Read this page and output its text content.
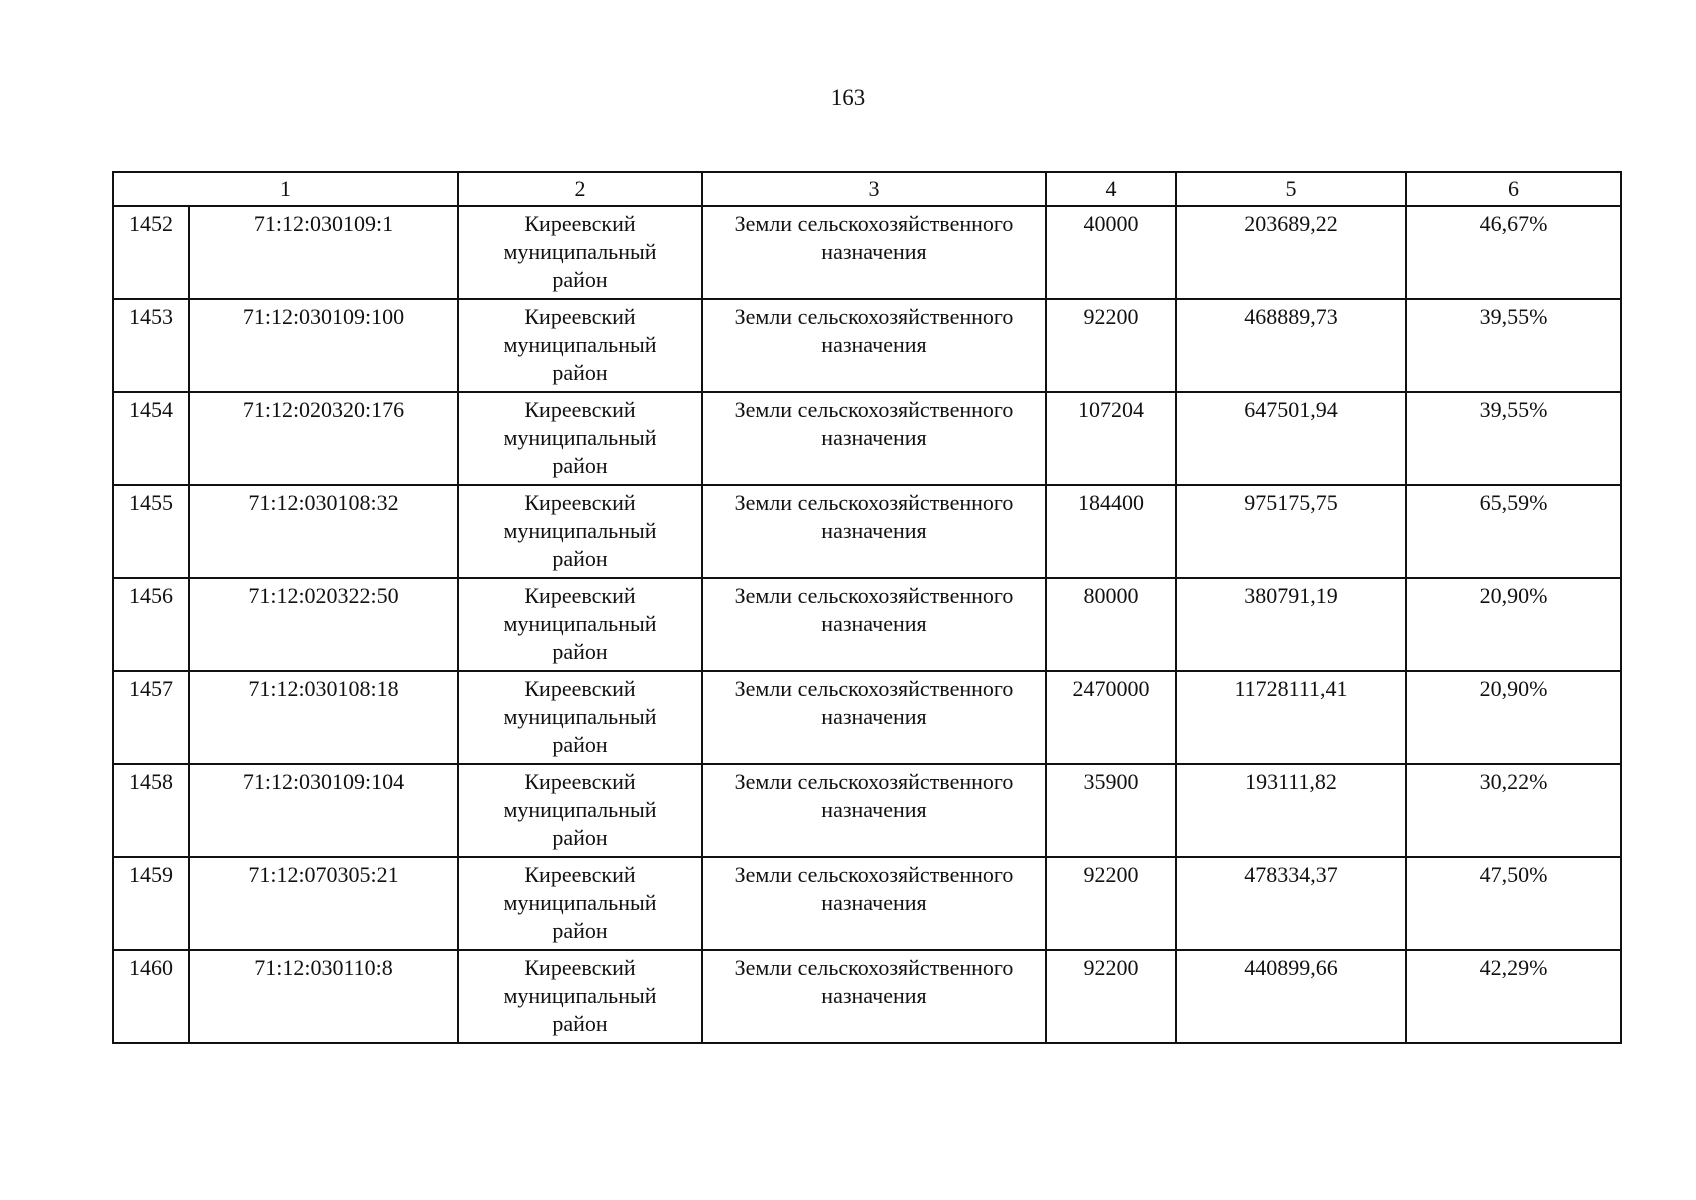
163
1		2	3	4	5	6
1452	71:12:030109:1	Киреевский
муниципальный
район	Земли сельскохозяйственного
назначения	40000	203689,22	46,67%
1453	71:12:030109:100	Киреевский
муниципальный
район	Земли сельскохозяйственного
назначения	92200	468889,73	39,55%
1454	71:12:020320:176	Киреевский
муниципальный
район	Земли сельскохозяйственного
назначения	107204	647501,94	39,55%
1455	71:12:030108:32	Киреевский
муниципальный
район	Земли сельскохозяйственного
назначения	184400	975175,75	65,59%
1456	71:12:020322:50	Киреевский
муниципальный
район	Земли сельскохозяйственного
назначения	80000	380791,19	20,90%
1457	71:12:030108:18	Киреевский
муниципальный
район	Земли сельскохозяйственного
назначения	2470000	11728111,41	20,90%
1458	71:12:030109:104	Киреевский
муниципальный
район	Земли сельскохозяйственного
назначения	35900	193111,82	30,22%
1459	71:12:070305:21	Киреевский
муниципальный
район	Земли сельскохозяйственного
назначения	92200	478334,37	47,50%
1460	71:12:030110:8	Киреевский
муниципальный
район	Земли сельскохозяйственного
назначения	92200	440899,66	42,29%
